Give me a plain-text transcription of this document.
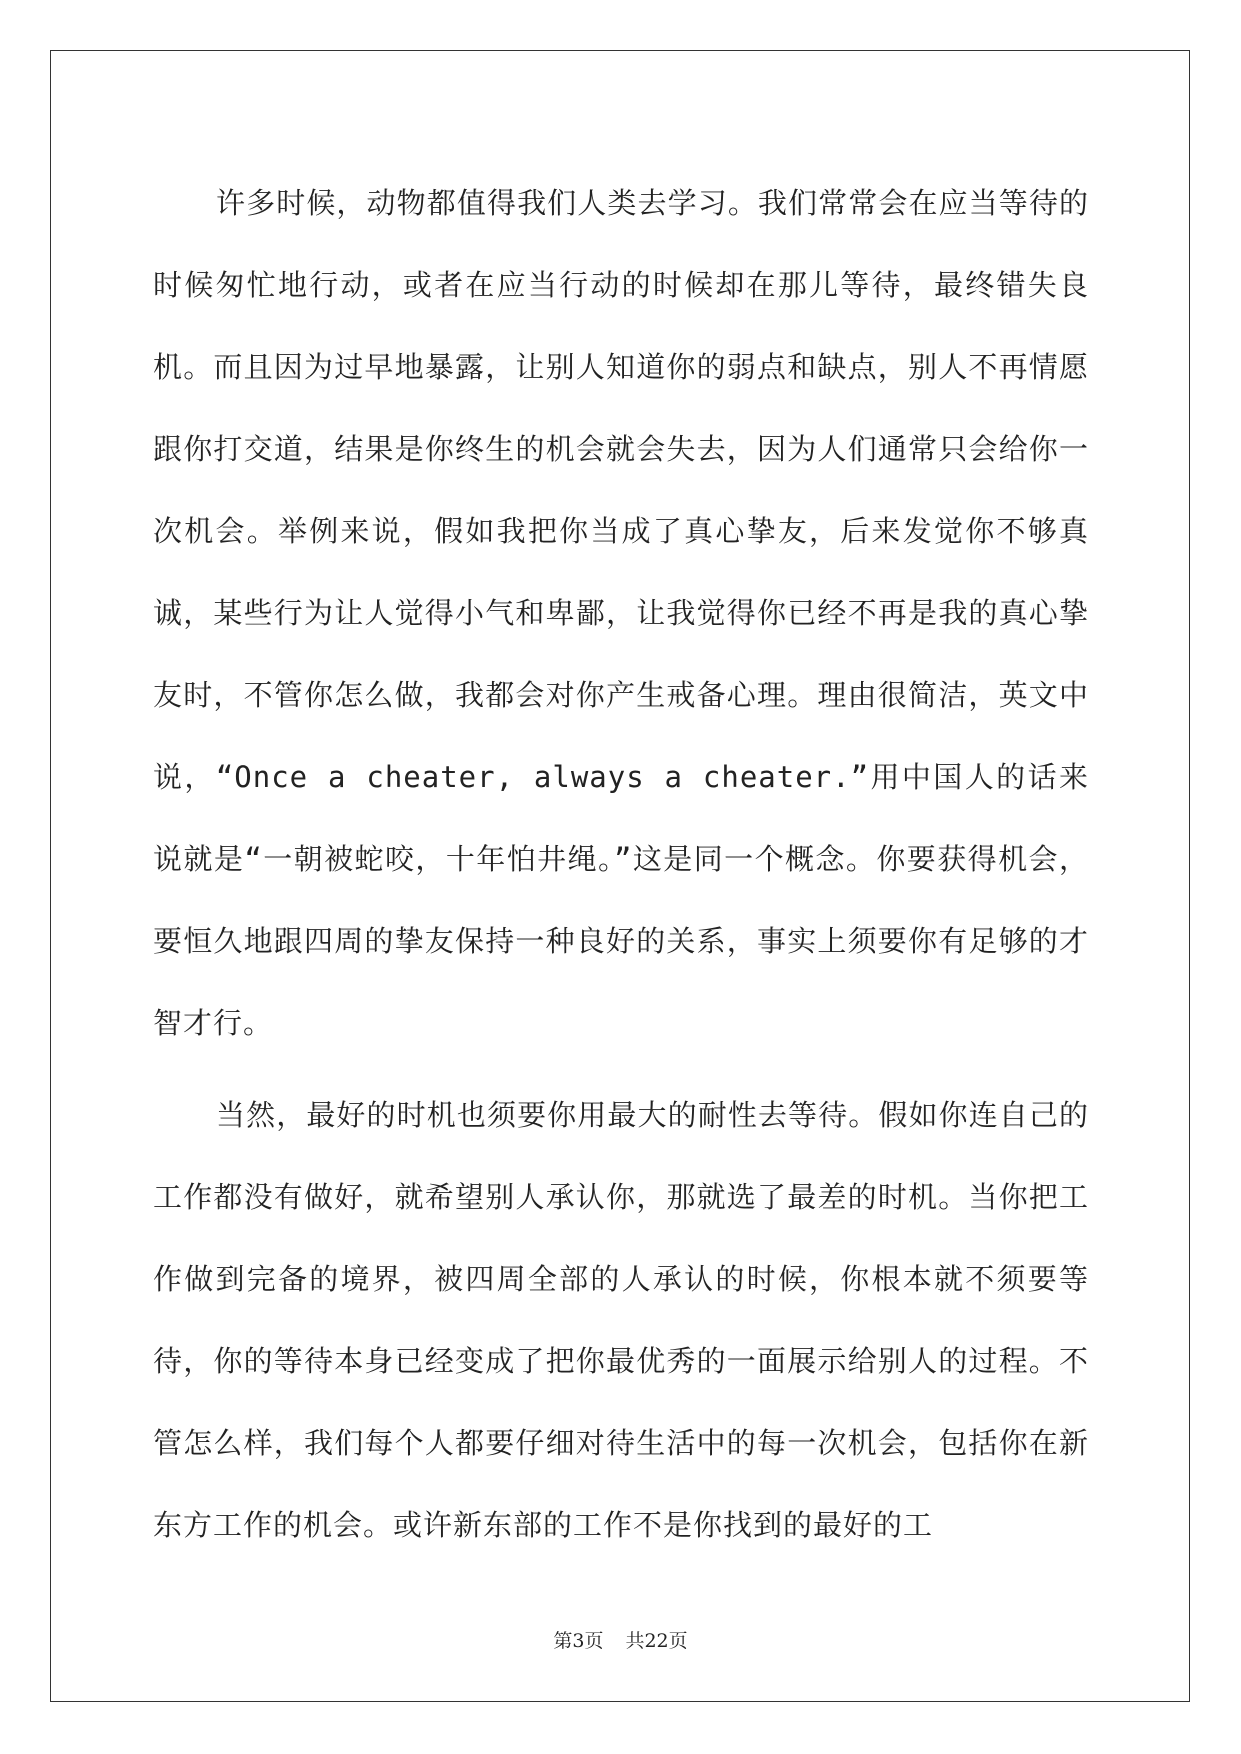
许多时候，动物都值得我们人类去学习。我们常常会在应当等待的时候匆忙地行动，或者在应当行动的时候却在那儿等待，最终错失良机。而且因为过早地暴露，让别人知道你的弱点和缺点，别人不再情愿跟你打交道，结果是你终生的机会就会失去，因为人们通常只会给你一次机会。举例来说，假如我把你当成了真心挚友，后来发觉你不够真诚，某些行为让人觉得小气和卑鄙，让我觉得你已经不再是我的真心挚友时，不管你怎么做，我都会对你产生戒备心理。理由很简洁，英文中说，“Once a cheater, always a cheater.”用中国人的话来说就是“一朝被蛇咬，十年怕井绳。”这是同一个概念。你要获得机会，要恒久地跟四周的挚友保持一种良好的关系，事实上须要你有足够的才智才行。

当然，最好的时机也须要你用最大的耐性去等待。假如你连自己的工作都没有做好，就希望别人承认你，那就选了最差的时机。当你把工作做到完备的境界，被四周全部的人承认的时候，你根本就不须要等待，你的等待本身已经变成了把你最优秀的一面展示给别人的过程。不管怎么样，我们每个人都要仔细对待生活中的每一次机会，包括你在新东方工作的机会。或许新东部的工作不是你找到的最好的工

第3页 共22页
